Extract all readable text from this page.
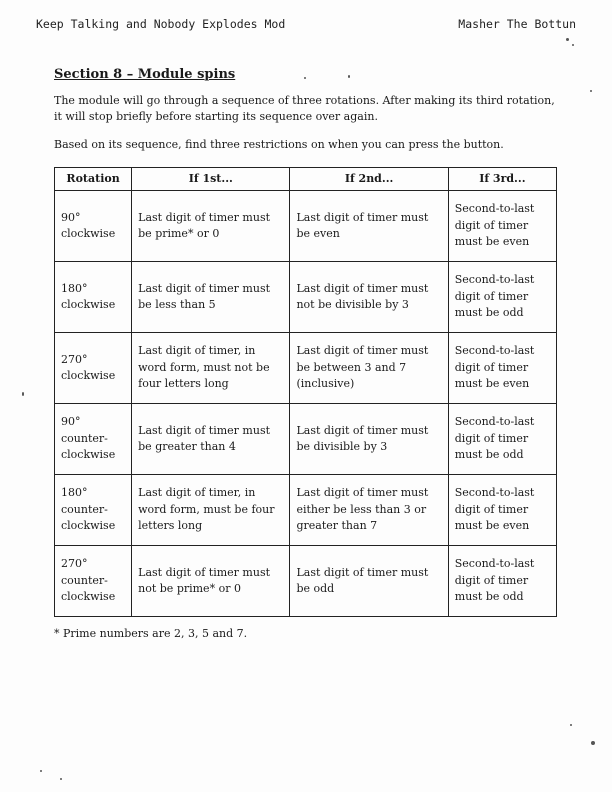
Keep Talking and Nobody Explodes Mod	Masher The Bottun
Section 8 – Module spins
The module will go through a sequence of three rotations. After making its third rotation, it will stop briefly before starting its sequence over again.
Based on its sequence, find three restrictions on when you can press the button.
Rotation	If 1st...	If 2nd...	If 3rd...
90° clockwise	Last digit of timer must be prime* or 0	Last digit of timer must be even	Second-to-last digit of timer must be even
180° clockwise	Last digit of timer must be less than 5	Last digit of timer must not be divisible by 3	Second-to-last digit of timer must be odd
270° clockwise	Last digit of timer, in word form, must not be four letters long	Last digit of timer must be between 3 and 7 (inclusive)	Second-to-last digit of timer must be even
90° counter-clockwise	Last digit of timer must be greater than 4	Last digit of timer must be divisible by 3	Second-to-last digit of timer must be odd
180° counter-clockwise	Last digit of timer, in word form, must be four letters long	Last digit of timer must either be less than 3 or greater than 7	Second-to-last digit of timer must be even
270° counter-clockwise	Last digit of timer must not be prime* or 0	Last digit of timer must be odd	Second-to-last digit of timer must be odd
* Prime numbers are 2, 3, 5 and 7.
